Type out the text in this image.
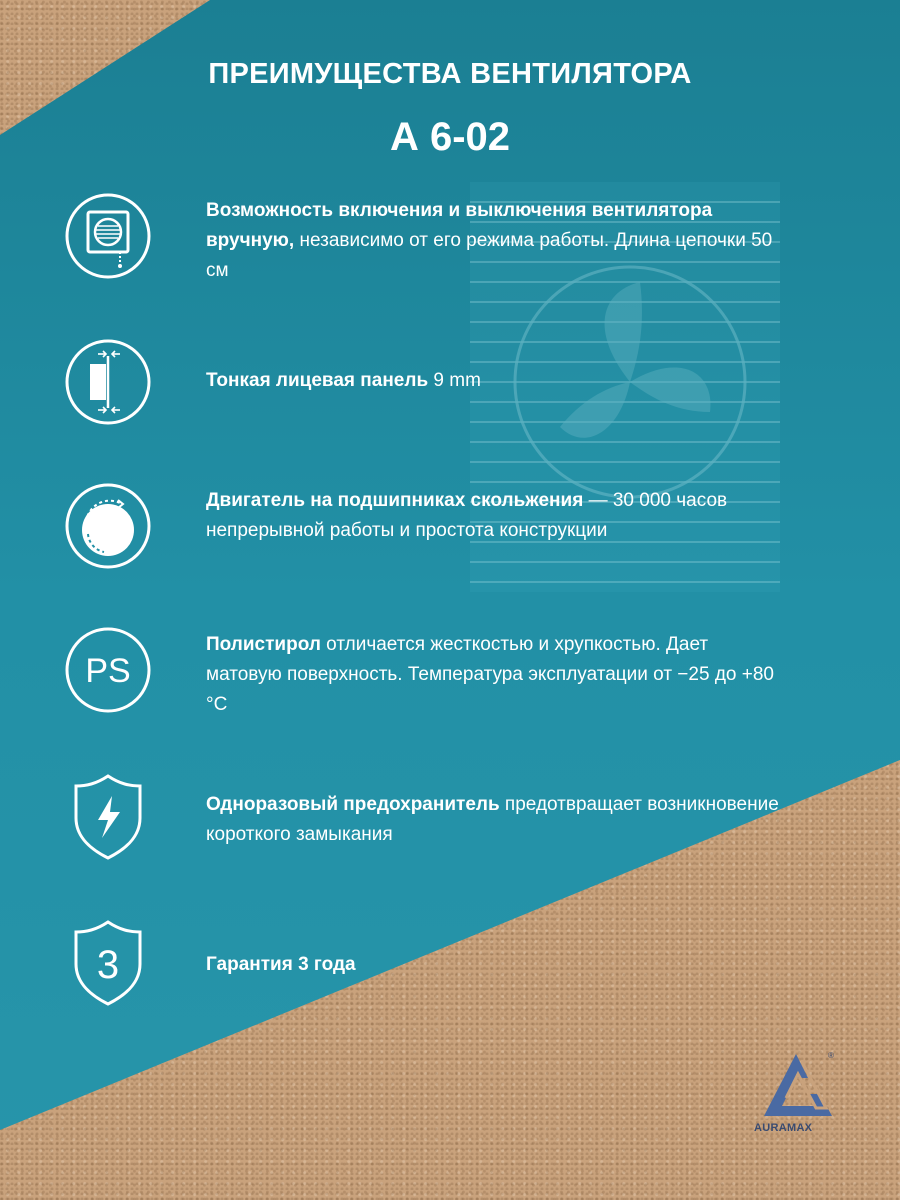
ПРЕИМУЩЕСТВА ВЕНТИЛЯТОРА
А 6-02
Возможность включения и выключения вентилятора вручную, независимо от его режима работы. Длина цепочки 50 см
Тонкая лицевая панель 9 mm
Двигатель на подшипниках скольжения — 30 000 часов непрерывной работы и простота конструкции
PS
Полистирол отличается жесткостью и хрупкостью. Дает матовую поверхность. Температура эксплуатации от −25 до +80 °С
Одноразовый предохранитель предотвращает возникновение короткого замыкания
3	Гарантия 3 года
®
AURAMAX
